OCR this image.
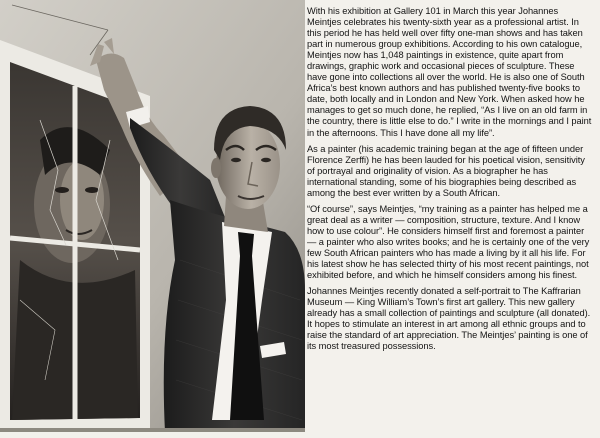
With his exhibition at Gallery 101 in March this year Johannes Meintjes celebrates his twenty-sixth year as a professional artist. In this period he has held well over fifty one-man shows and has taken part in numerous group exhibitions. According to his own catalogue, Meintjes now has 1,048 paintings in existence, quite apart from drawings, graphic work and occasional pieces of sculpture. These have gone into collections all over the world. He is also one of South Africa’s best known authors and has published twenty-five books to date, both locally and in London and New York. When asked how he manages to get so much done, he replied, “As I live on an old farm in the country, there is little else to do.” I write in the mornings and I paint in the afternoons. This I have done all my life”.

As a painter (his academic training began at the age of fifteen under Florence Zerffi) he has been lauded for his poetical vision, sensitivity of portrayal and originality of vision. As a biographer he has international standing, some of his biographies being described as among the best ever written by a South African.

“Of course”, says Meintjes, “my training as a painter has helped me a great deal as a writer — composition, structure, texture. And I know how to use colour”. He considers himself first and foremost a painter — a painter who also writes books; and he is certainly one of the very few South African painters who has made a living by it all his life. For his latest show he has selected thirty of his most recent paintings, not exhibited before, and which he himself considers among his finest.

Johannes Meintjes recently donated a self-portrait to The Kaffrarian Museum — King William’s Town’s first art gallery. This new gallery already has a small collection of paintings and sculpture (all donated). It hopes to stimulate an interest in art among all ethnic groups and to raise the standard of art appreciation. The Meintjes’ painting is one of its most treasured possessions.
